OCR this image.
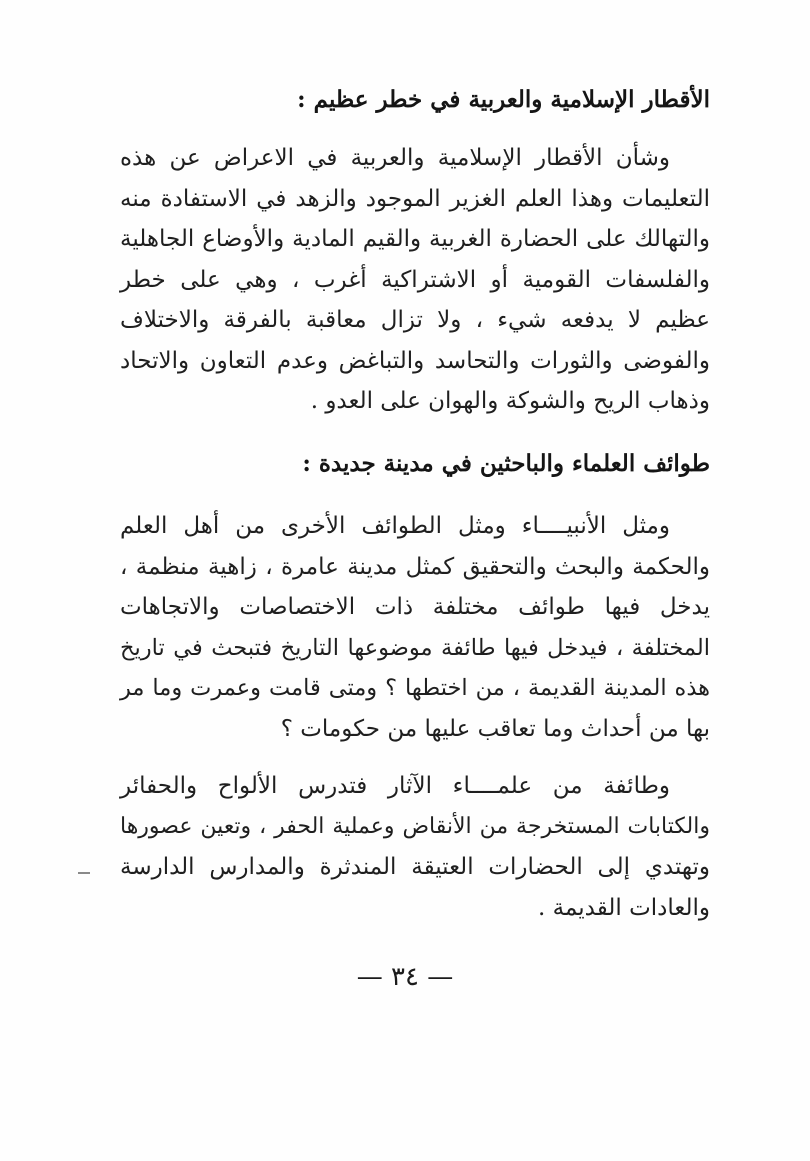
الأقطار الإسلامية والعربية في خطر عظيم :
وشأن الأقطار الإسلامية والعربية في الاعراض عن هذه
التعليمات وهذا العلم الغزير الموجود والزهد في الاستفادة منه
والتهالك على الحضارة الغربية والقيم المادية والأوضاع الجاهلية
والفلسفات القومية أو الاشتراكية أغرب ، وهي على خطر
عظيم لا يدفعه شيء ، ولا تزال معاقبة بالفرقة والاختلاف
والفوضى والثورات والتحاسد والتباغض وعدم التعاون والاتحاد
وذهاب الريح والشوكة والهوان على العدو .
طوائف العلماء والباحثين في مدينة جديدة :
ومثل الأنبيــــاء ومثل الطوائف الأخرى من أهل العلم
والحكمة والبحث والتحقيق كمثل مدينة عامرة ، زاهية منظمة ،
يدخل فيها طوائف مختلفة ذات الاختصاصات والاتجاهات
المختلفة ، فيدخل فيها طائفة موضوعها التاريخ فتبحث في تاريخ
هذه المدينة القديمة ، من اختطها ؟ ومتى قامت وعمرت وما مر
بها من أحداث وما تعاقب عليها من حكومات ؟
وطائفة من علمــــاء الآثار فتدرس الألواح والحفائر
والكتابات المستخرجة من الأنقاض وعملية الحفر ، وتعين عصورها
وتهتدي إلى الحضارات العتيقة المندثرة والمدارس الدارسة
والعادات القديمة .
— ٣٤ —
